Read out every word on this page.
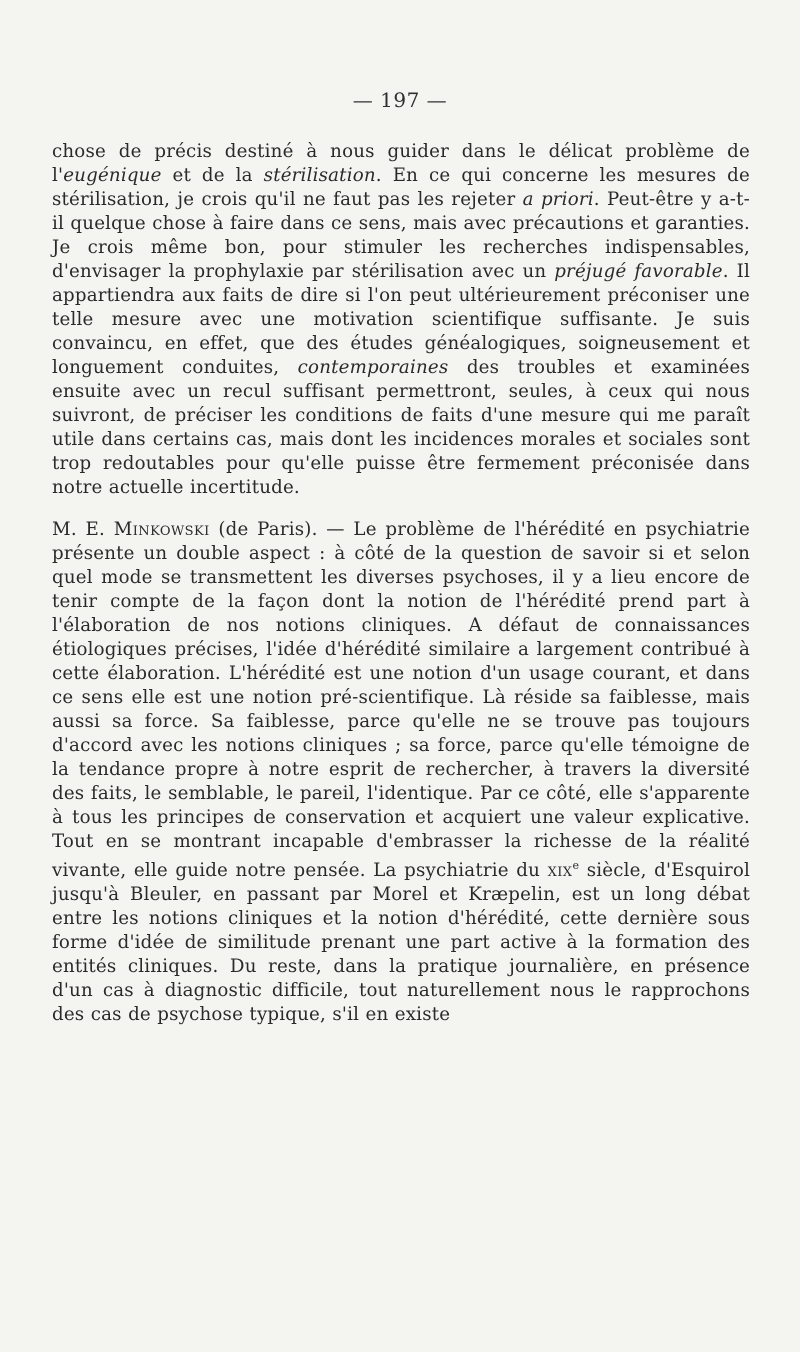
— 197 —

chose de précis destiné à nous guider dans le délicat problème de l'eugénique et de la stérilisation. En ce qui concerne les mesures de stérilisation, je crois qu'il ne faut pas les rejeter a priori. Peut-être y a-t-il quelque chose à faire dans ce sens, mais avec précautions et garanties. Je crois même bon, pour stimuler les recherches indispensables, d'envisager la prophylaxie par stérilisation avec un préjugé favorable. Il appartiendra aux faits de dire si l'on peut ultérieurement préconiser une telle mesure avec une motivation scientifique suffisante. Je suis convaincu, en effet, que des études généalogiques, soigneusement et longuement conduites, contemporaines des troubles et examinées ensuite avec un recul suffisant permettront, seules, à ceux qui nous suivront, de préciser les conditions de faits d'une mesure qui me paraît utile dans certains cas, mais dont les incidences morales et sociales sont trop redoutables pour qu'elle puisse être fermement préconisée dans notre actuelle incertitude.

M. E. Minkowski (de Paris). — Le problème de l'hérédité en psychiatrie présente un double aspect : à côté de la question de savoir si et selon quel mode se transmettent les diverses psychoses, il y a lieu encore de tenir compte de la façon dont la notion de l'hérédité prend part à l'élaboration de nos notions cliniques. A défaut de connaissances étiologiques précises, l'idée d'hérédité similaire a largement contribué à cette élaboration. L'hérédité est une notion d'un usage courant, et dans ce sens elle est une notion pré-scientifique. Là réside sa faiblesse, mais aussi sa force. Sa faiblesse, parce qu'elle ne se trouve pas toujours d'accord avec les notions cliniques ; sa force, parce qu'elle témoigne de la tendance propre à notre esprit de rechercher, à travers la diversité des faits, le semblable, le pareil, l'identique. Par ce côté, elle s'apparente à tous les principes de conservation et acquiert une valeur explicative. Tout en se montrant incapable d'embrasser la richesse de la réalité vivante, elle guide notre pensée. La psychiatrie du xix$^e$ siècle, d'Esquirol jusqu'à Bleuler, en passant par Morel et Kræpelin, est un long débat entre les notions cliniques et la notion d'hérédité, cette dernière sous forme d'idée de similitude prenant une part active à la formation des entités cliniques. Du reste, dans la pratique journalière, en présence d'un cas à diagnostic difficile, tout naturellement nous le rapprochons des cas de psychose typique, s'il en existe
